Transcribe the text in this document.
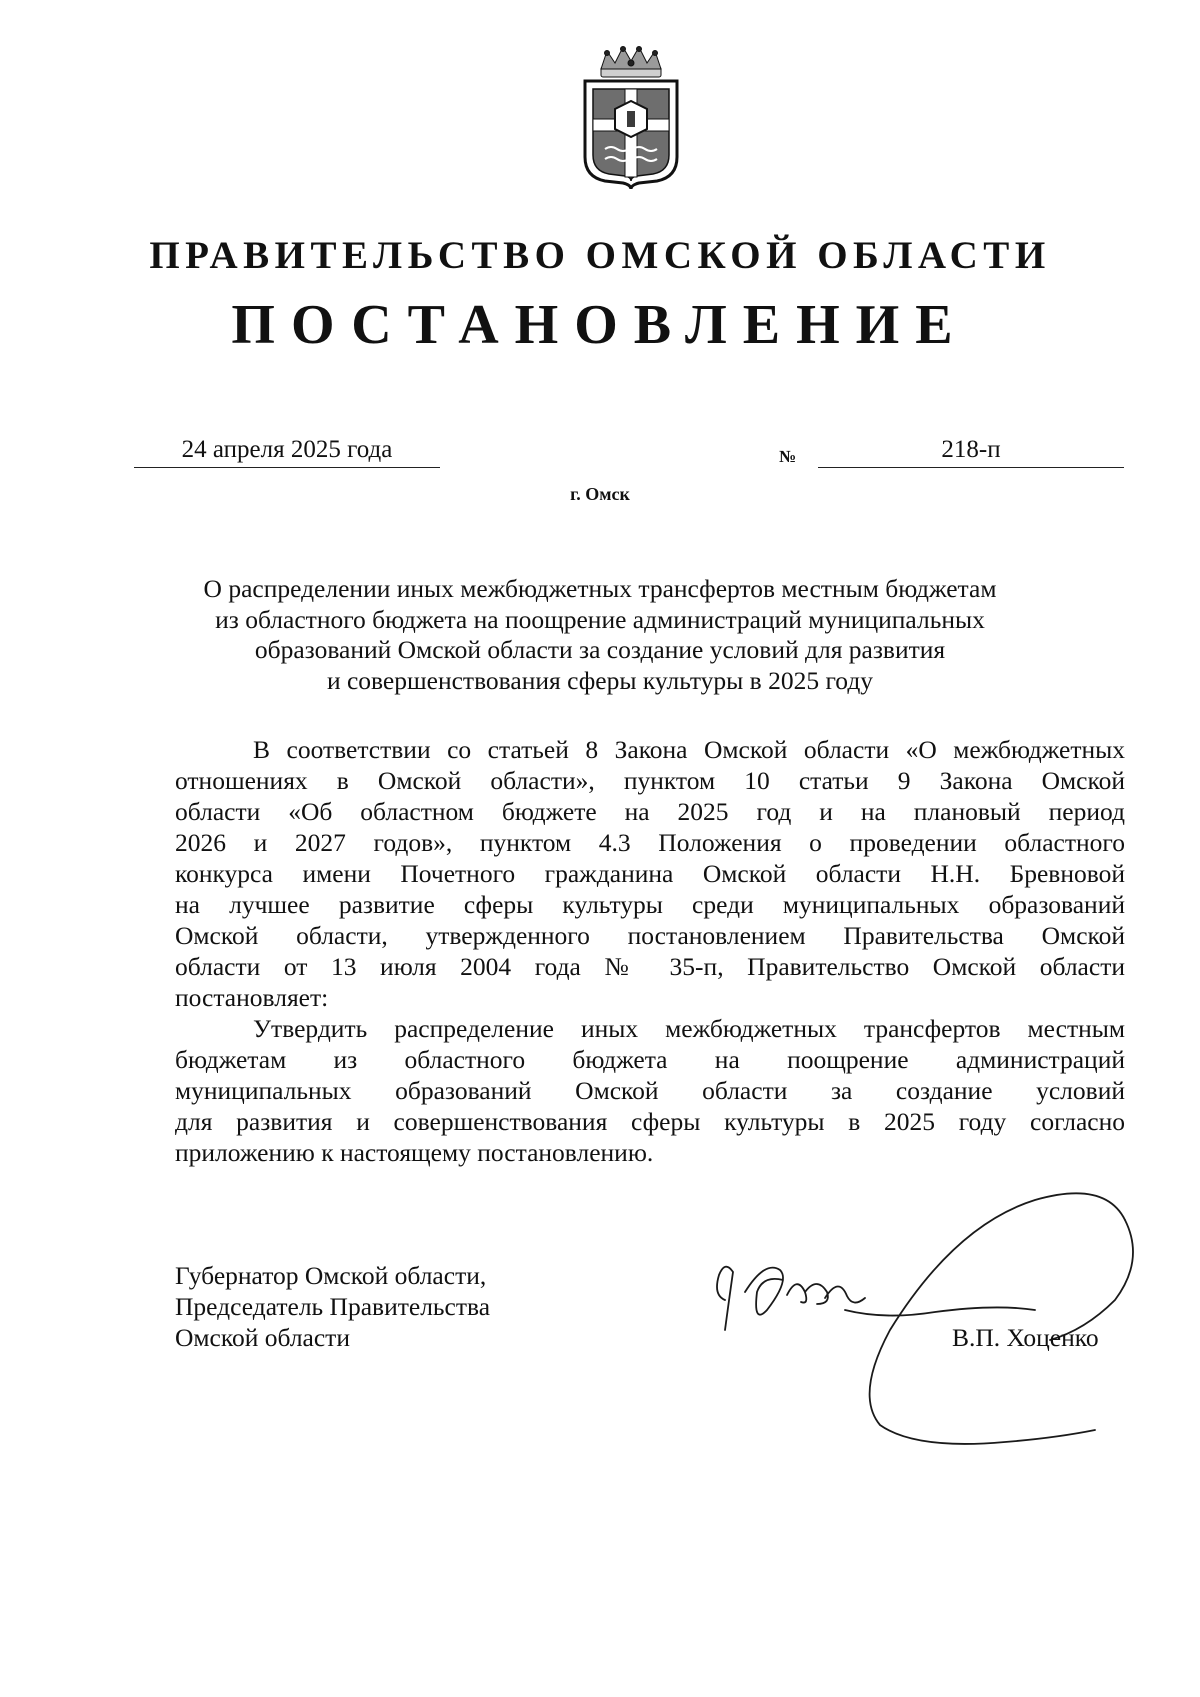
ПРАВИТЕЛЬСТВО ОМСКОЙ ОБЛАСТИ
ПОСТАНОВЛЕНИЕ
24 апреля 2025 года	№	218-п
г. Омск
О распределении иных межбюджетных трансфертов местным бюджетам
из областного бюджета на поощрение администраций муниципальных
образований Омской области за создание условий для развития
и совершенствования сферы культуры в 2025 году
В соответствии со статьей 8 Закона Омской области «О межбюджетных
отношениях в Омской области», пунктом 10 статьи 9 Закона Омской
области «Об областном бюджете на 2025 год и на плановый период
2026 и 2027 годов», пунктом 4.3 Положения о проведении областного
конкурса имени Почетного гражданина Омской области Н.Н. Бревновой
на лучшее развитие сферы культуры среди муниципальных образований
Омской области, утвержденного постановлением Правительства Омской
области от 13 июля 2004 года № 35-п, Правительство Омской области
постановляет:
Утвердить распределение иных межбюджетных трансфертов местным
бюджетам из областного бюджета на поощрение администраций
муниципальных образований Омской области за создание условий
для развития и совершенствования сферы культуры в 2025 году согласно
приложению к настоящему постановлению.
Губернатор Омской области,
Председатель Правительства
Омской области	В.П. Хоценко
